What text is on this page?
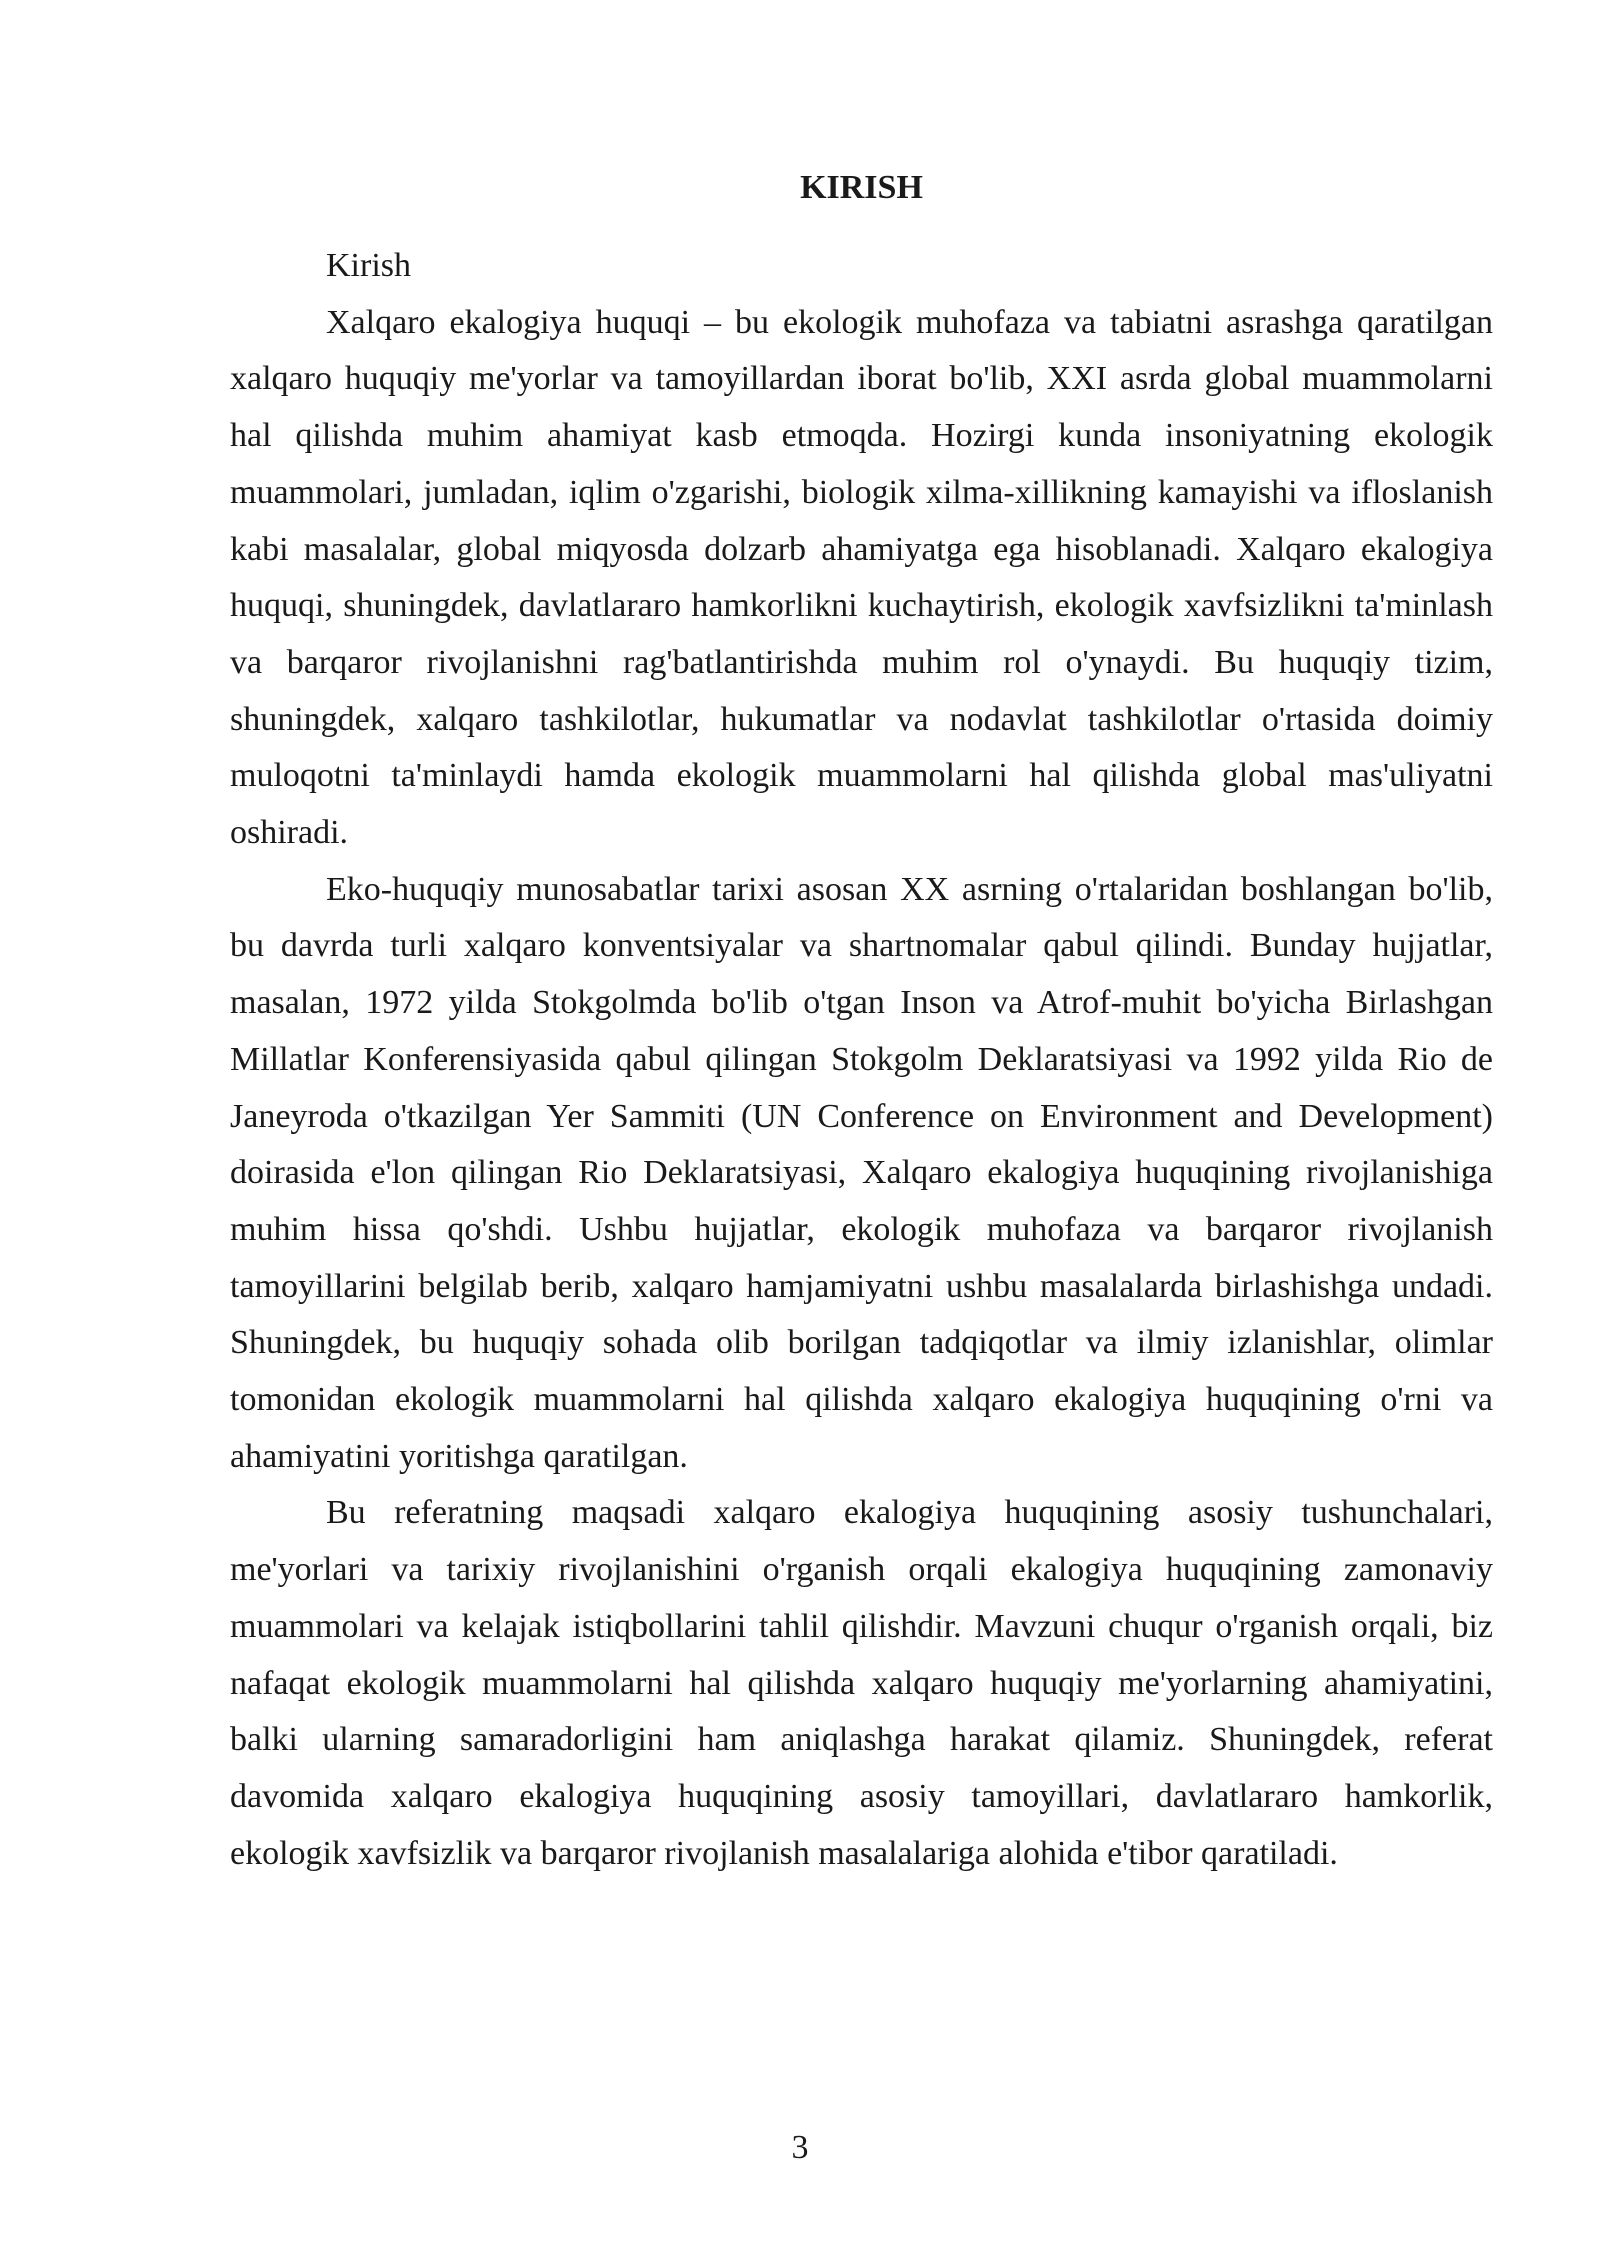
KIRISH

Kirish

Xalqaro ekalogiya huquqi – bu ekologik muhofaza va tabiatni asrashga qaratilgan xalqaro huquqiy me'yorlar va tamoyillardan iborat bo'lib, XXI asrda global muammolarni hal qilishda muhim ahamiyat kasb etmoqda. Hozirgi kunda insoniyatning ekologik muammolari, jumladan, iqlim o'zgarishi, biologik xilma-xillikning kamayishi va ifloslanish kabi masalalar, global miqyosda dolzarb ahamiyatga ega hisoblanadi. Xalqaro ekalogiya huquqi, shuningdek, davlatlararo hamkorlikni kuchaytirish, ekologik xavfsizlikni ta'minlash va barqaror rivojlanishni rag'batlantirishda muhim rol o'ynaydi. Bu huquqiy tizim, shuningdek, xalqaro tashkilotlar, hukumatlar va nodavlat tashkilotlar o'rtasida doimiy muloqotni ta'minlaydi hamda ekologik muammolarni hal qilishda global mas'uliyatni oshiradi.

Eko-huquqiy munosabatlar tarixi asosan XX asrning o'rtalaridan boshlangan bo'lib, bu davrda turli xalqaro konventsiyalar va shartnomalar qabul qilindi. Bunday hujjatlar, masalan, 1972 yilda Stokgolmda bo'lib o'tgan Inson va Atrof-muhit bo'yicha Birlashgan Millatlar Konferensiyasida qabul qilingan Stokgolm Deklaratsiyasi va 1992 yilda Rio de Janeyroda o'tkazilgan Yer Sammiti (UN Conference on Environment and Development) doirasida e'lon qilingan Rio Deklaratsiyasi, Xalqaro ekalogiya huquqining rivojlanishiga muhim hissa qo'shdi. Ushbu hujjatlar, ekologik muhofaza va barqaror rivojlanish tamoyillarini belgilab berib, xalqaro hamjamiyatni ushbu masalalarda birlashishga undadi. Shuningdek, bu huquqiy sohada olib borilgan tadqiqotlar va ilmiy izlanishlar, olimlar tomonidan ekologik muammolarni hal qilishda xalqaro ekalogiya huquqining o'rni va ahamiyatini yoritishga qaratilgan.

Bu referatning maqsadi xalqaro ekalogiya huquqining asosiy tushunchalari, me'yorlari va tarixiy rivojlanishini o'rganish orqali ekalogiya huquqining zamonaviy muammolari va kelajak istiqbollarini tahlil qilishdir. Mavzuni chuqur o'rganish orqali, biz nafaqat ekologik muammolarni hal qilishda xalqaro huquqiy me'yorlarning ahamiyatini, balki ularning samaradorligini ham aniqlashga harakat qilamiz. Shuningdek, referat davomida xalqaro ekalogiya huquqining asosiy tamoyillari, davlatlararo hamkorlik, ekologik xavfsizlik va barqaror rivojlanish masalalariga alohida e'tibor qaratiladi.

3
